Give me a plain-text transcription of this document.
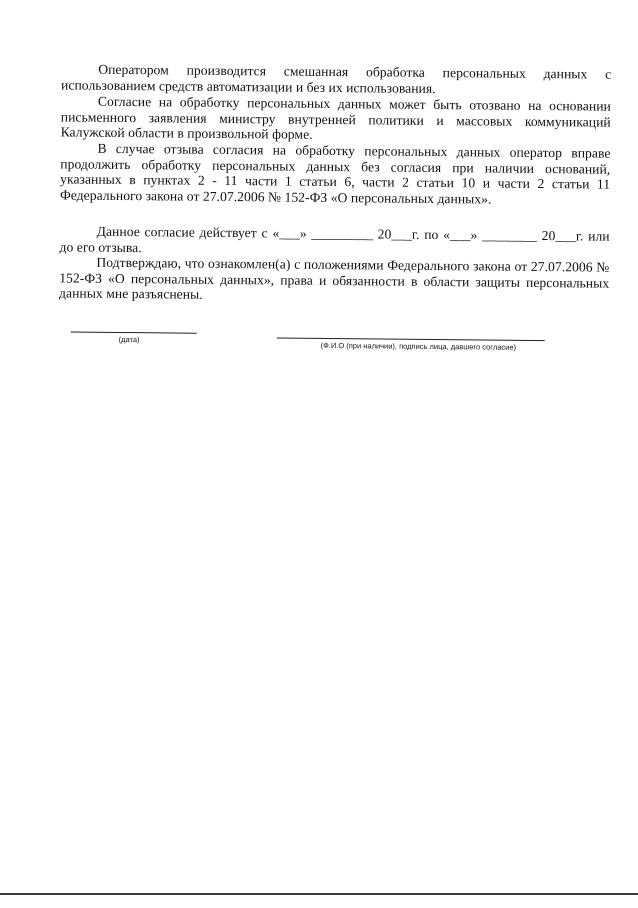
Оператором производится смешанная обработка персональных данных с использованием средств автоматизации и без их использования.

Согласие на обработку персональных данных может быть отозвано на основании письменного заявления министру внутренней политики и массовых коммуникаций Калужской области в произвольной форме.

В случае отзыва согласия на обработку персональных данных оператор вправе продолжить обработку персональных данных без согласия при наличии оснований, указанных в пунктах 2 - 11 части 1 статьи 6, части 2 статьи 10 и части 2 статьи 11 Федерального закона от 27.07.2006 № 152-ФЗ «О персональных данных».

Данное согласие действует с «___» _________ 20___г. по «___» ________ 20___г. или до его отзыва.

Подтверждаю, что ознакомлен(а) с положениями Федерального закона от 27.07.2006 № 152-ФЗ «О персональных данных», права и обязанности в области защиты персональных данных мне разъяснены.

(дата)
(Ф.И.О (при наличии), подпись лица, давшего согласие)
